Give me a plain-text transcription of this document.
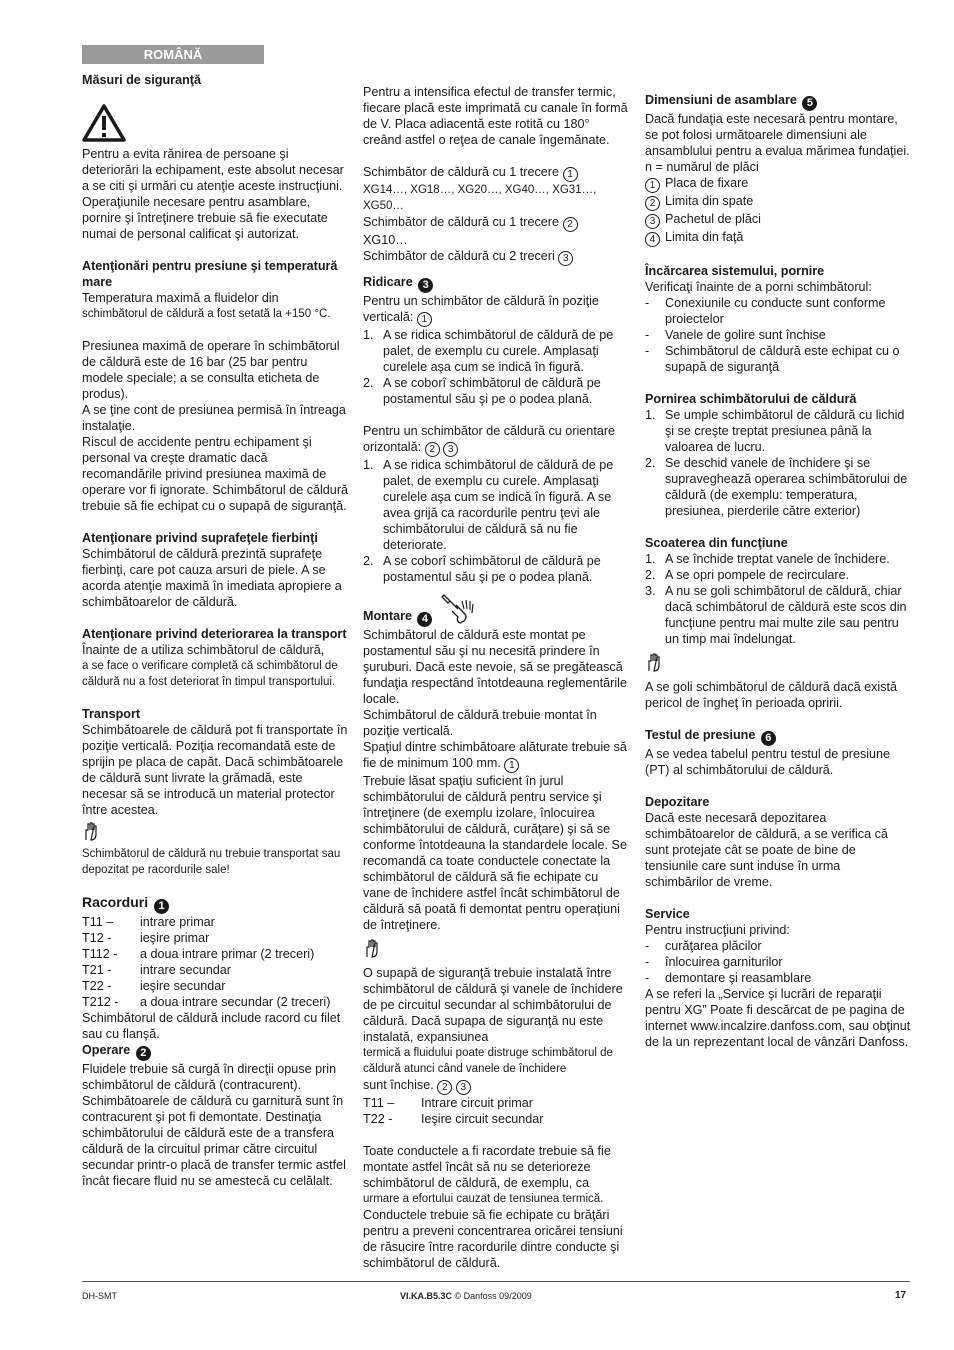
ROMÂNĂ

Măsuri de siguranţă

Pentru a evita rănirea de persoane şi deteriorări la echipament, este absolut necesar a se citi şi urmări cu atenţie aceste instrucţiuni. Operaţiunile necesare pentru asamblare, pornire şi întreţinere trebuie să fie executate numai de personal calificat şi autorizat.

Atenţionări pentru presiune şi temperatură mare

Temperatura maximă a fluidelor din

schimbătorul de căldură a fost setată la +150 °C.

Presiunea maximă de operare în schimbătorul de căldură este de 16 bar (25 bar pentru modele speciale; a se consulta eticheta de produs).

A se ţine cont de presiunea permisă în întreaga instalaţie.

Riscul de accidente pentru echipament şi personal va creşte dramatic dacă recomandările privind presiunea maximă de operare vor fi ignorate. Schimbătorul de căldură trebuie să fie echipat cu o supapă de siguranţă.

Atenţionare privind suprafeţele fierbinţi

Schimbătorul de căldură prezintă suprafeţe fierbinţi, care pot cauza arsuri de piele. A se acorda atenţie maximă în imediata apropiere a schimbătoarelor de căldură.

Atenţionare privind deteriorarea la transport

Înainte de a utiliza schimbătorul de căldură,

a se face o verificare completă că schimbătorul de căldură nu a fost deteriorat în timpul transportului.

Transport

Schimbătoarele de căldură pot fi transportate în poziţie verticală. Poziţia recomandată este de sprijin pe placa de capăt. Dacă schimbătoarele de căldură sunt livrate la grămadă, este necesar să se introducă un material protector între acestea.

Schimbătorul de căldură nu trebuie transportat sau depozitat pe racordurile sale!

Racorduri 1

T11 –	intrare primar
T12 -	ieşire primar
T112 -	a doua intrare primar (2 treceri)
T21 -	intrare secundar
T22 -	ieşire secundar
T212 -	a doua intrare secundar (2 treceri)

Schimbătorul de căldură include racord cu filet sau cu flanşă.

Operare 2

Fluidele trebuie să curgă în direcţii opuse prin schimbătorul de căldură (contracurent). Schimbătoarele de căldură cu garnitură sunt în contracurent şi pot fi demontate. Destinaţia schimbătorului de căldură este de a transfera căldură de la circuitul primar către circuitul secundar printr-o placă de transfer termic astfel încât fiecare fluid nu se amestecă cu celălalt.

Pentru a intensifica efectul de transfer termic, fiecare placă este imprimată cu canale în formă de V. Placa adiacentă este rotită cu 180° creând astfel o reţea de canale îngemănate.

Schimbător de căldură cu 1 trecere 1

XG14…, XG18…, XG20…, XG40…, XG31…, XG50…

Schimbător de căldură cu 1 trecere 2

XG10…

Schimbător de căldură cu 2 treceri 3

Ridicare 3

Pentru un schimbător de căldură în poziţie verticală: 1

1. A se ridica schimbătorul de căldură de pe palet, de exemplu cu curele. Amplasaţi curelele aşa cum se indică în figură.
2. A se coborî schimbătorul de căldură pe postamentul său şi pe o podea plană.

Pentru un schimbător de căldură cu orientare orizontală: 2 3

1. A se ridica schimbătorul de căldură de pe palet, de exemplu cu curele. Amplasaţi curelele aşa cum se indică în figură. A se avea grijă ca racordurile pentru ţevi ale schimbătorului de căldură să nu fie deteriorate.
2. A se coborî schimbătorul de căldură pe postamentul său şi pe o podea plană.
Montare 4

Schimbătorul de căldură este montat pe postamentul său şi nu necesită prindere în şuruburi. Dacă este nevoie, să se pregătească fundaţia respectând întotdeauna reglementările locale.

Schimbătorul de căldură trebuie montat în poziţie verticală.

Spaţiul dintre schimbătoare alăturate trebuie să fie de minimum 100 mm. 1

Trebuie lăsat spaţiu suficient în jurul schimbătorului de căldură pentru service şi întreţinere (de exemplu izolare, înlocuirea schimbătorului de căldură, curăţare) şi să se conforme întotdeauna la standardele locale. Se recomandă ca toate conductele conectate la schimbătorul de căldură să fie echipate cu vane de închidere astfel încât schimbătorul de căldură să poată fi demontat pentru operaţiuni de întreţinere.

O supapă de siguranţă trebuie instalată între schimbătorul de căldură şi vanele de închidere de pe circuitul secundar al schimbătorului de căldură. Dacă supapa de siguranţă nu este instalată, expansiunea

termică a fluidului poate distruge schimbătorul de căldură atunci când vanele de închidere

sunt închise. 2 3

T11 –	Intrare circuit primar
T22 -	Ieşire circuit secundar

Toate conductele a fi racordate trebuie să fie montate astfel încât să nu se deterioreze schimbătorul de căldură, de exemplu, ca

urmare a efortului cauzat de tensiunea termică.

Conductele trebuie să fie echipate cu brăţări pentru a preveni concentrarea oricărei tensiuni de răsucire între racordurile dintre conducte şi schimbătorul de căldură.

Dimensiuni de asamblare 5

Dacă fundaţia este necesară pentru montare, se pot folosi următoarele dimensiuni ale ansamblului pentru a evalua mărimea fundaţiei.

n = numărul de plăci

1 Placa de fixare
2 Limita din spate
3 Pachetul de plăci
4 Limita din faţă

Încărcarea sistemului, pornire

Verificaţi înainte de a porni schimbătorul:

-	Conexiunile cu conducte sunt conforme proiectelor
-	Vanele de golire sunt închise
-	Schimbătorul de căldură este echipat cu o supapă de siguranţă

Pornirea schimbătorului de căldură

1. Se umple schimbătorul de căldură cu lichid şi se creşte treptat presiunea până la valoarea de lucru.
2. Se deschid vanele de închidere şi se supraveghează operarea schimbătorului de căldură (de exemplu: temperatura, presiunea, pierderile către exterior)

Scoaterea din funcţiune

1. A se închide treptat vanele de închidere.
2. A se opri pompele de recirculare.
3. A nu se goli schimbătorul de căldură, chiar dacă schimbătorul de căldură este scos din funcţiune pentru mai multe zile sau pentru un timp mai îndelungat.

A se goli schimbătorul de căldură dacă există pericol de îngheţ în perioada opririi.

Testul de presiune 6

A se vedea tabelul pentru testul de presiune (PT) al schimbătorului de căldură.

Depozitare

Dacă este necesară depozitarea schimbătoarelor de căldură, a se verifica că sunt protejate cât se poate de bine de tensiunile care sunt induse în urma schimbărilor de vreme.

Service

Pentru instrucţiuni privind:

-	curăţarea plăcilor
-	înlocuirea garniturilor
-	demontare şi reasamblare

A se referi la „Service şi lucrări de reparaţii pentru XG” Poate fi descărcat de pe pagina de internet www.incalzire.danfoss.com, sau obţinut de la un reprezentant local de vânzări Danfoss.

DH-SMT	VI.KA.B5.3C © Danfoss 09/2009	17
